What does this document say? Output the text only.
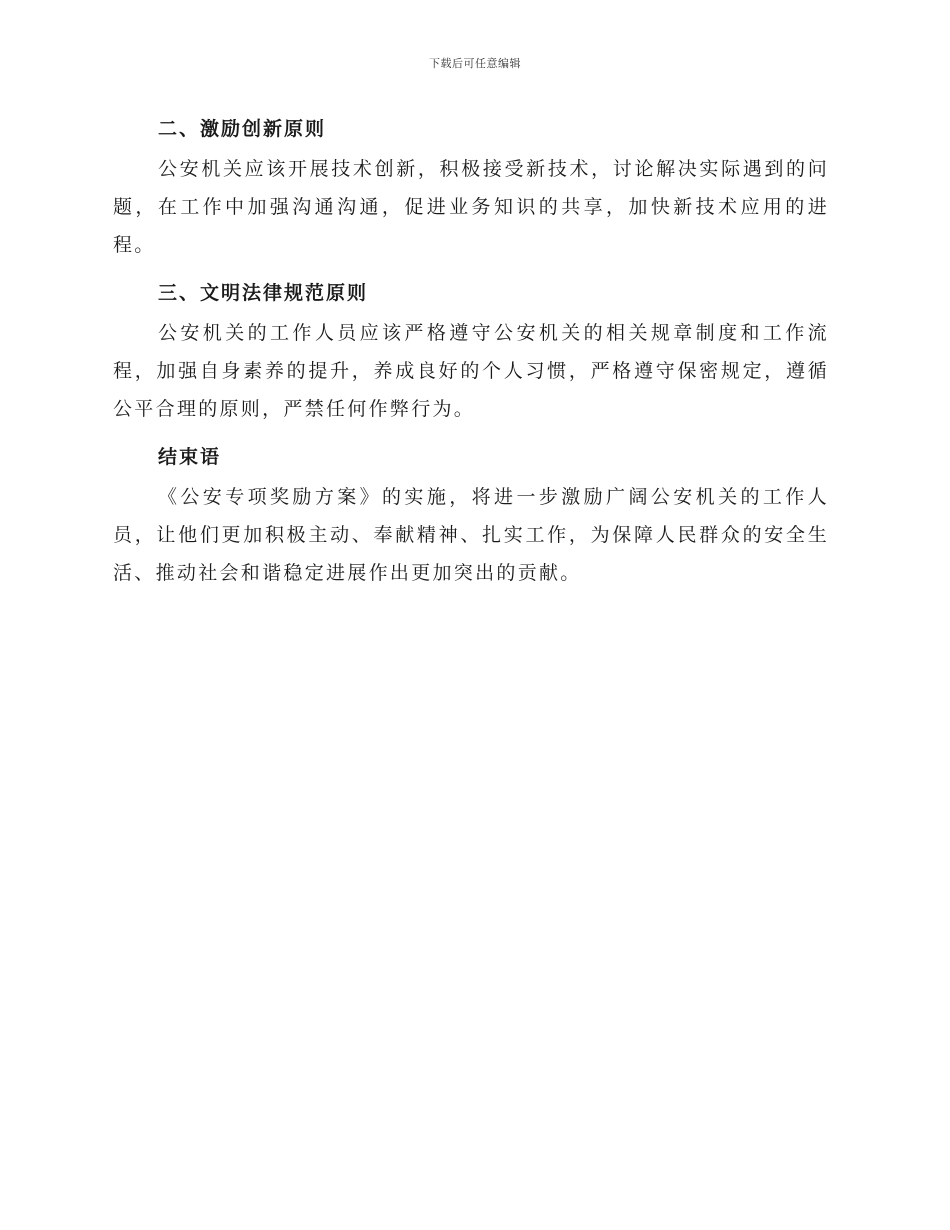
下载后可任意编辑
二、激励创新原则

公安机关应该开展技术创新，积极接受新技术，讨论解决实际遇到的问题，在工作中加强沟通沟通，促进业务知识的共享，加快新技术应用的进程。

三、文明法律规范原则

公安机关的工作人员应该严格遵守公安机关的相关规章制度和工作流程，加强自身素养的提升，养成良好的个人习惯，严格遵守保密规定，遵循公平合理的原则，严禁任何作弊行为。

结束语

《公安专项奖励方案》的实施，将进一步激励广阔公安机关的工作人员，让他们更加积极主动、奉献精神、扎实工作，为保障人民群众的安全生活、推动社会和谐稳定进展作出更加突出的贡献。
